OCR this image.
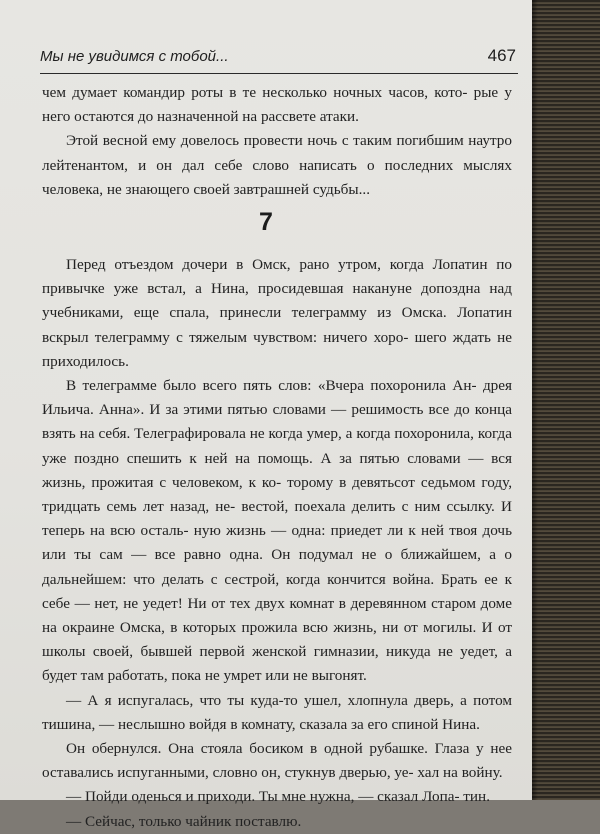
Мы не увидимся с тобой...	467

чем думает командир роты в те несколько ночных часов, кото- рые у него остаются до назначенной на рассвете атаки.

Этой весной ему довелось провести ночь с таким погибшим наутро лейтенантом, и он дал себе слово написать о последних мыслях человека, не знающего своей завтрашней судьбы...

7

Перед отъездом дочери в Омск, рано утром, когда Лопатин по привычке уже встал, а Нина, просидевшая накануне допоздна над учебниками, еще спала, принесли телеграмму из Омска. Лопатин вскрыл телеграмму с тяжелым чувством: ничего хоро- шего ждать не приходилось.

В телеграмме было всего пять слов: «Вчера похоронила Ан- дрея Ильича. Анна». И за этими пятью словами — решимость все до конца взять на себя. Телеграфировала не когда умер, а когда похоронила, когда уже поздно спешить к ней на помощь. А за пятью словами — вся жизнь, прожитая с человеком, к ко- торому в девятьсот седьмом году, тридцать семь лет назад, не- вестой, поехала делить с ним ссылку. И теперь на всю осталь- ную жизнь — одна: приедет ли к ней твоя дочь или ты сам — все равно одна. Он подумал не о ближайшем, а о дальнейшем: что делать с сестрой, когда кончится война. Брать ее к себе — нет, не уедет! Ни от тех двух комнат в деревянном старом доме на окраине Омска, в которых прожила всю жизнь, ни от могилы. И от школы своей, бывшей первой женской гимназии, никуда не уедет, а будет там работать, пока не умрет или не выгонят.

— А я испугалась, что ты куда-то ушел, хлопнула дверь, а потом тишина, — неслышно войдя в комнату, сказала за его спиной Нина.

Он обернулся. Она стояла босиком в одной рубашке. Глаза у нее оставались испуганными, словно он, стукнув дверью, уе- хал на войну.

— Пойди оденься и приходи. Ты мне нужна, — сказал Лопа- тин.

— Сейчас, только чайник поставлю.
